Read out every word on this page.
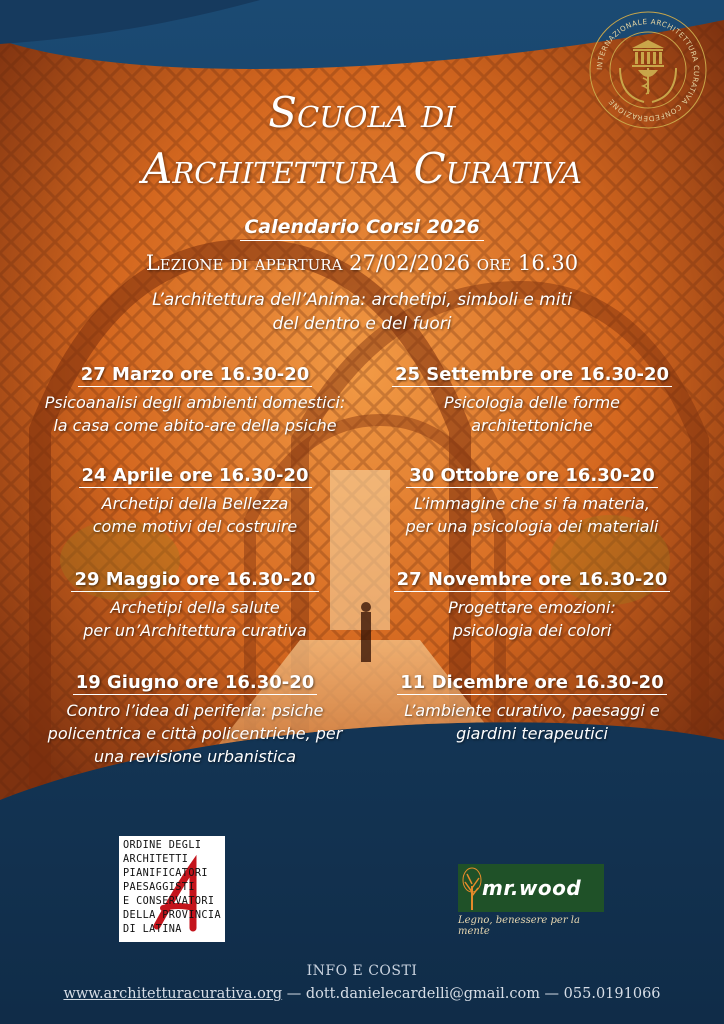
INTERNAZIONALE ARCHITETTURA CURATIVA CONFEDERAZIONE
Scuola di
Architettura Curativa
Calendario Corsi 2026
Lezione di apertura 27/02/2026 ore 16.30
L’architettura dell’Anima: archetipi, simboli e miti
del dentro e del fuori
27 Marzo ore 16.30-20
Psicoanalisi degli ambienti domestici:
la casa come abito-are della psiche
24 Aprile ore 16.30-20
Archetipi della Bellezza
come motivi del costruire
29 Maggio ore 16.30-20
Archetipi della salute
per un’Architettura curativa
19 Giugno ore 16.30-20
Contro l’idea di periferia: psiche
policentrica e città policentriche, per
una revisione urbanistica
25 Settembre ore 16.30-20
Psicologia delle forme
architettoniche
30 Ottobre ore 16.30-20
L’immagine che si fa materia,
per una psicologia dei materiali
27 Novembre ore 16.30-20
Progettare emozioni:
psicologia dei colori
11 Dicembre ore 16.30-20
L’ambiente curativo, paesaggi e
giardini terapeutici
ORDINE DEGLI
ARCHITETTI
PIANIFICATORI
PAESAGGISTI
E CONSERVATORI
DELLA PROVINCIA
DI LATINA
mr.wood
Legno, benessere per la mente
INFO E COSTI
www.architetturacurativa.org — dott.danielecardelli@gmail.com — 055.0191066
